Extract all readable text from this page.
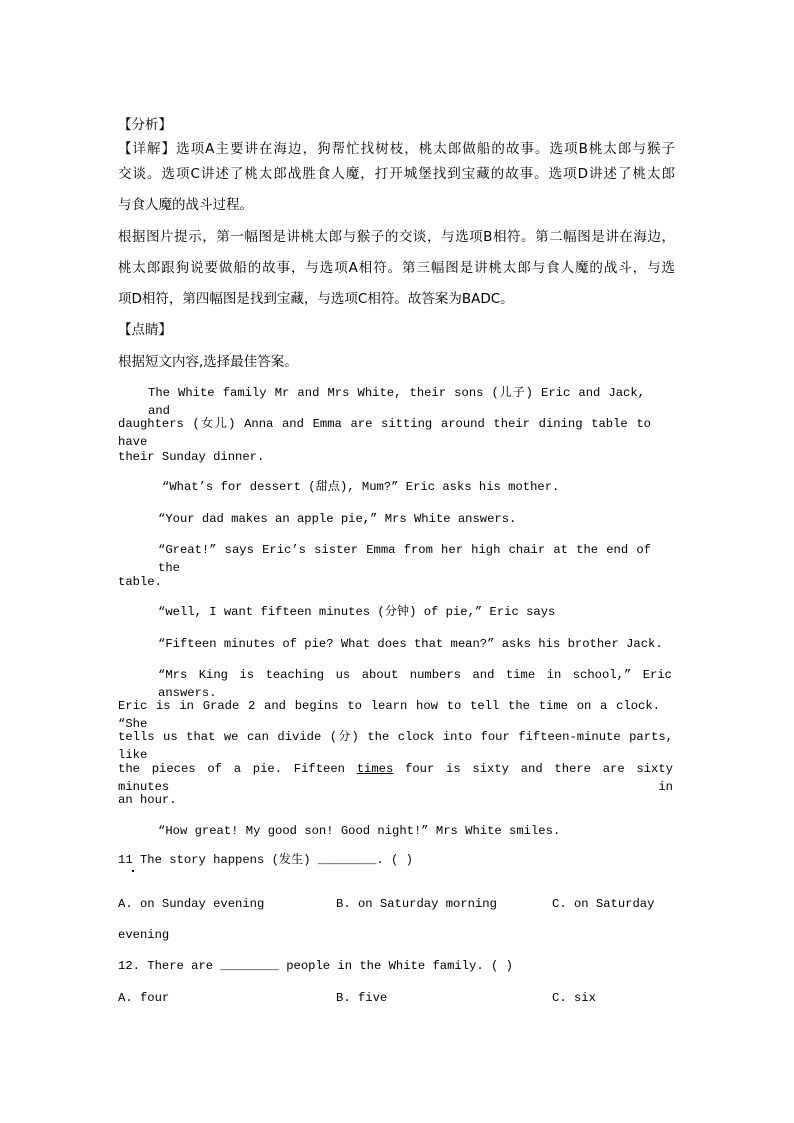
【分析】
【详解】选项A主要讲在海边，狗帮忙找树枝，桃太郎做船的故事。选项B桃太郎与猴子
交谈。选项C讲述了桃太郎战胜食人魔，打开城堡找到宝藏的故事。选项D讲述了桃太郎
与食人魔的战斗过程。
根据图片提示，第一幅图是讲桃太郎与猴子的交谈，与选项B相符。第二幅图是讲在海边，
桃太郎跟狗说要做船的故事，与选项A相符。第三幅图是讲桃太郎与食人魔的战斗，与选
项D相符，第四幅图是找到宝藏，与选项C相符。故答案为BADC。
【点睛】
根据短文内容,选择最佳答案。
The White family Mr and Mrs White, their sons (儿子) Eric and Jack, and
daughters (女儿) Anna and Emma are sitting around their dining table to have
their Sunday dinner.
“What’s for dessert (甜点), Mum?” Eric asks his mother.
“Your dad makes an apple pie,” Mrs White answers.
“Great!” says Eric’s sister Emma from her high chair at the end of the
table.
“well, I want fifteen minutes (分钟) of pie,” Eric says
“Fifteen minutes of pie? What does that mean?” asks his brother Jack.
“Mrs King is teaching us about numbers and time in school,” Eric answers.
Eric is in Grade 2 and begins to learn how to tell the time on a clock. “She
tells us that we can divide (分) the clock into four fifteen-minute parts, like
the pieces of a pie. Fifteen times four is sixty and there are sixty minutes in
an hour.
“How great! My good son! Good night!” Mrs White smiles.
11 The story happens (发生) ________. ( )
A. on Sunday evening	B. on Saturday morning	C. on Saturday
evening
12. There are ________ people in the White family. ( )
A. four	B. five	C. six
